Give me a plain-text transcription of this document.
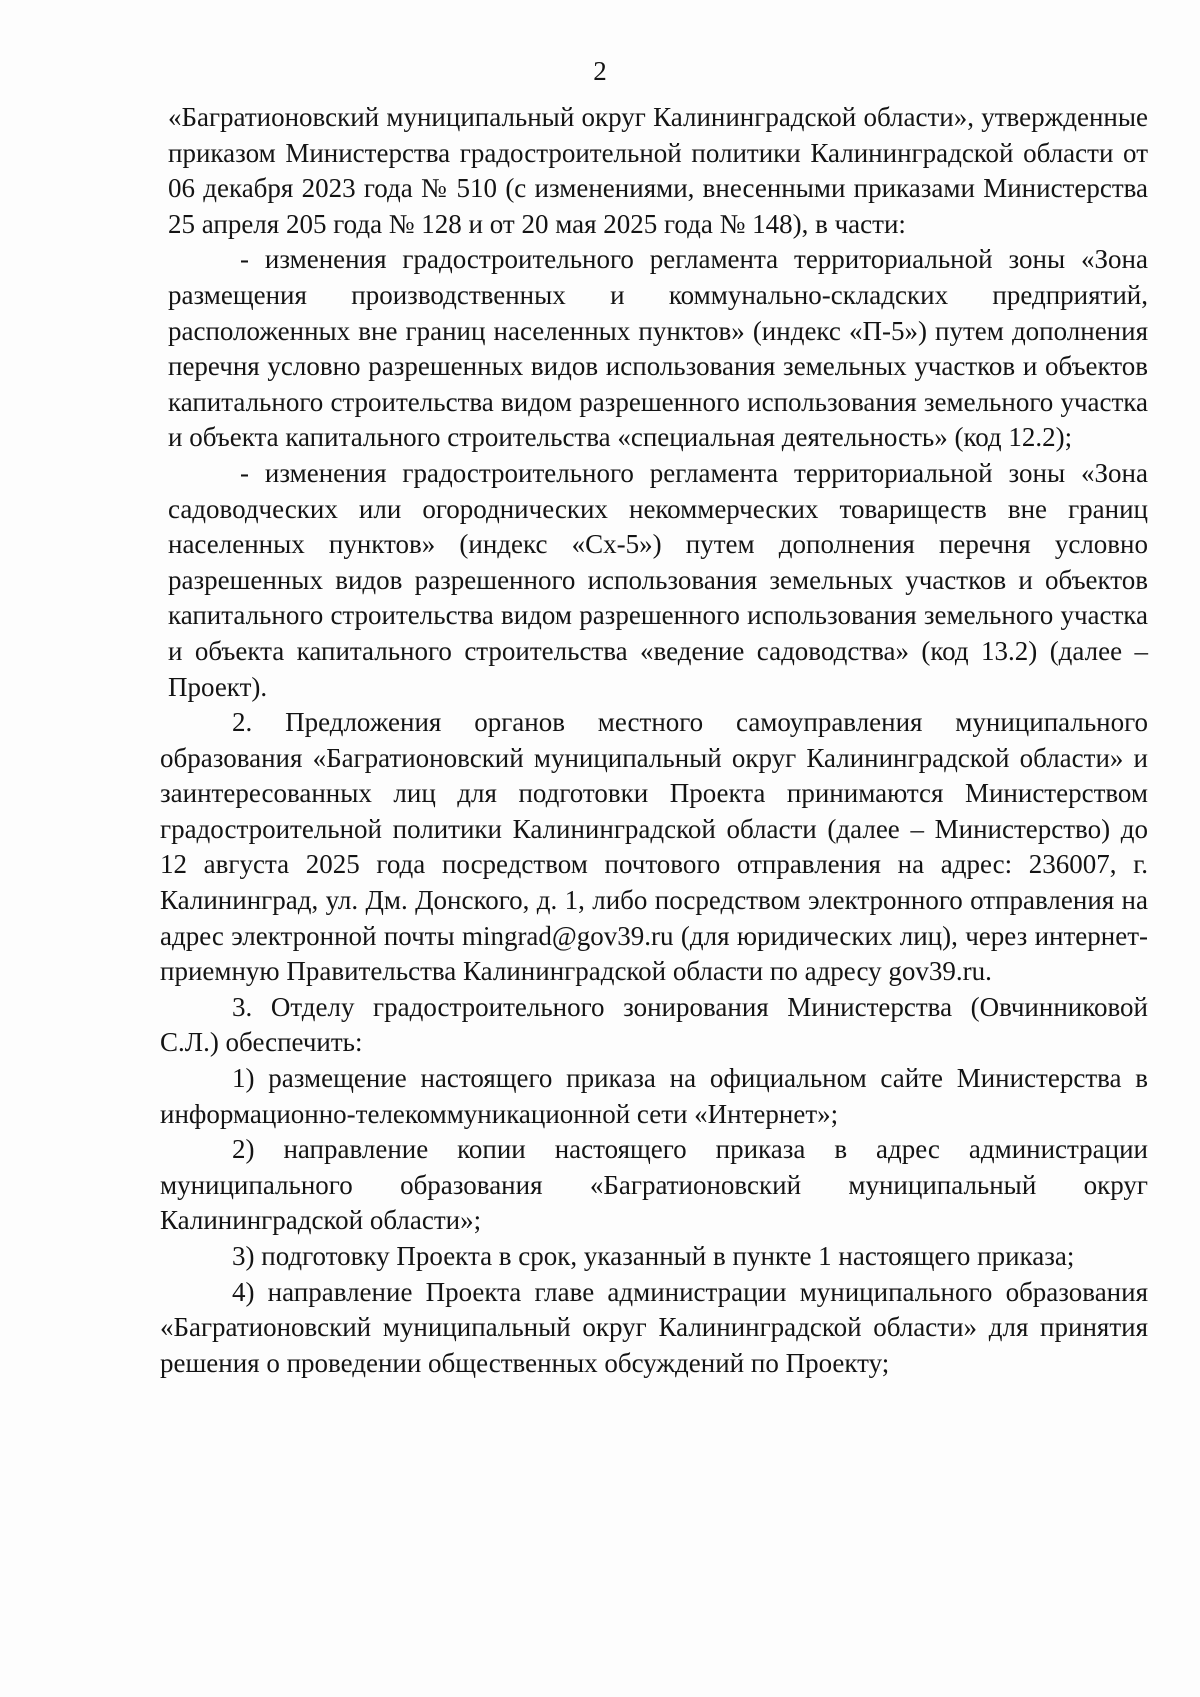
2

«Багратионовский муниципальный округ Калининградской области», утвержденные приказом Министерства градостроительной политики Калининградской области от 06 декабря 2023 года № 510 (с изменениями, внесенными приказами Министерства 25 апреля 205 года № 128 и от 20 мая 2025 года № 148), в части:

- изменения градостроительного регламента территориальной зоны «Зона размещения производственных и коммунально-складских предприятий, расположенных вне границ населенных пунктов» (индекс «П-5») путем дополнения перечня условно разрешенных видов использования земельных участков и объектов капитального строительства видом разрешенного использования земельного участка и объекта капитального строительства «специальная деятельность» (код 12.2);

- изменения градостроительного регламента территориальной зоны «Зона садоводческих или огороднических некоммерческих товариществ вне границ населенных пунктов» (индекс «Сх-5») путем дополнения перечня условно разрешенных видов разрешенного использования земельных участков и объектов капитального строительства видом разрешенного использования земельного участка и объекта капитального строительства «ведение садоводства» (код 13.2) (далее – Проект).

2. Предложения органов местного самоуправления муниципального образования «Багратионовский муниципальный округ Калининградской области» и заинтересованных лиц для подготовки Проекта принимаются Министерством градостроительной политики Калининградской области (далее – Министерство) до 12 августа 2025 года посредством почтового отправления на адрес: 236007, г. Калининград, ул. Дм. Донского, д. 1, либо посредством электронного отправления на адрес электронной почты mingrad@gov39.ru (для юридических лиц), через интернет-приемную Правительства Калининградской области по адресу gov39.ru.

3. Отделу градостроительного зонирования Министерства (Овчинниковой С.Л.) обеспечить:

1) размещение настоящего приказа на официальном сайте Министерства в информационно-телекоммуникационной сети «Интернет»;

2) направление копии настоящего приказа в адрес администрации муниципального образования «Багратионовский муниципальный округ Калининградской области»;

3) подготовку Проекта в срок, указанный в пункте 1 настоящего приказа;

4) направление Проекта главе администрации муниципального образования «Багратионовский муниципальный округ Калининградской области» для принятия решения о проведении общественных обсуждений по Проекту;
